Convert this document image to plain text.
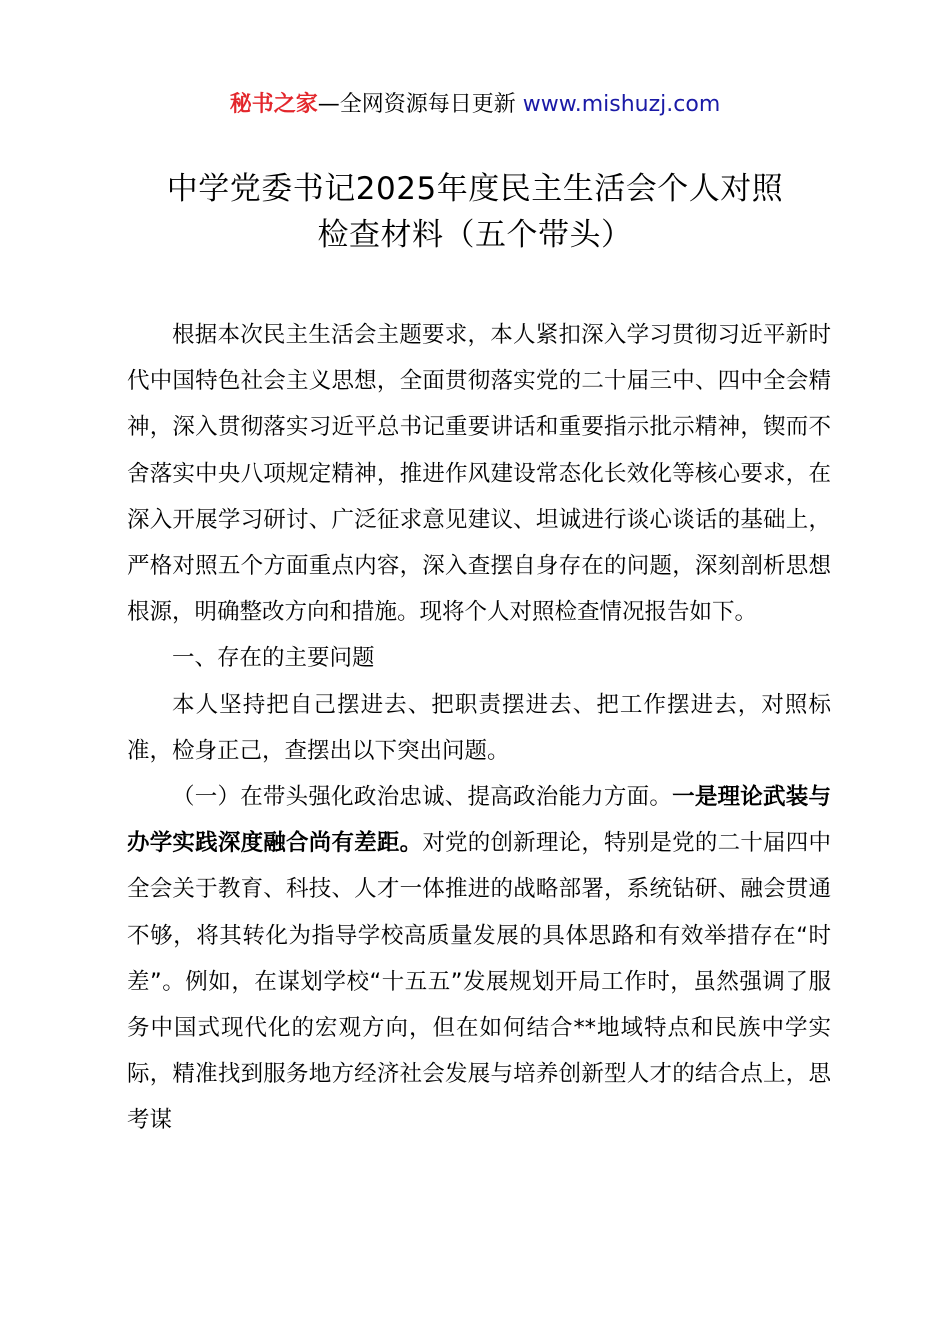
秘书之家—全网资源每日更新 www.mishuzj.com
中学党委书记2025年度民主生活会个人对照
检查材料（五个带头）

根据本次民主生活会主题要求，本人紧扣深入学习贯彻习近平新时代中国特色社会主义思想，全面贯彻落实党的二十届三中、四中全会精神，深入贯彻落实习近平总书记重要讲话和重要指示批示精神，锲而不舍落实中央八项规定精神，推进作风建设常态化长效化等核心要求，在深入开展学习研讨、广泛征求意见建议、坦诚进行谈心谈话的基础上，严格对照五个方面重点内容，深入查摆自身存在的问题，深刻剖析思想根源，明确整改方向和措施。现将个人对照检查情况报告如下。

一、存在的主要问题

本人坚持把自己摆进去、把职责摆进去、把工作摆进去，对照标准，检身正己，查摆出以下突出问题。

（一）在带头强化政治忠诚、提高政治能力方面。一是理论武装与办学实践深度融合尚有差距。对党的创新理论，特别是党的二十届四中全会关于教育、科技、人才一体推进的战略部署，系统钻研、融会贯通不够，将其转化为指导学校高质量发展的具体思路和有效举措存在“时差”。例如，在谋划学校“十五五”发展规划开局工作时，虽然强调了服务中国式现代化的宏观方向，但在如何结合**地域特点和民族中学实际，精准找到服务地方经济社会发展与培养创新型人才的结合点上，思考谋
